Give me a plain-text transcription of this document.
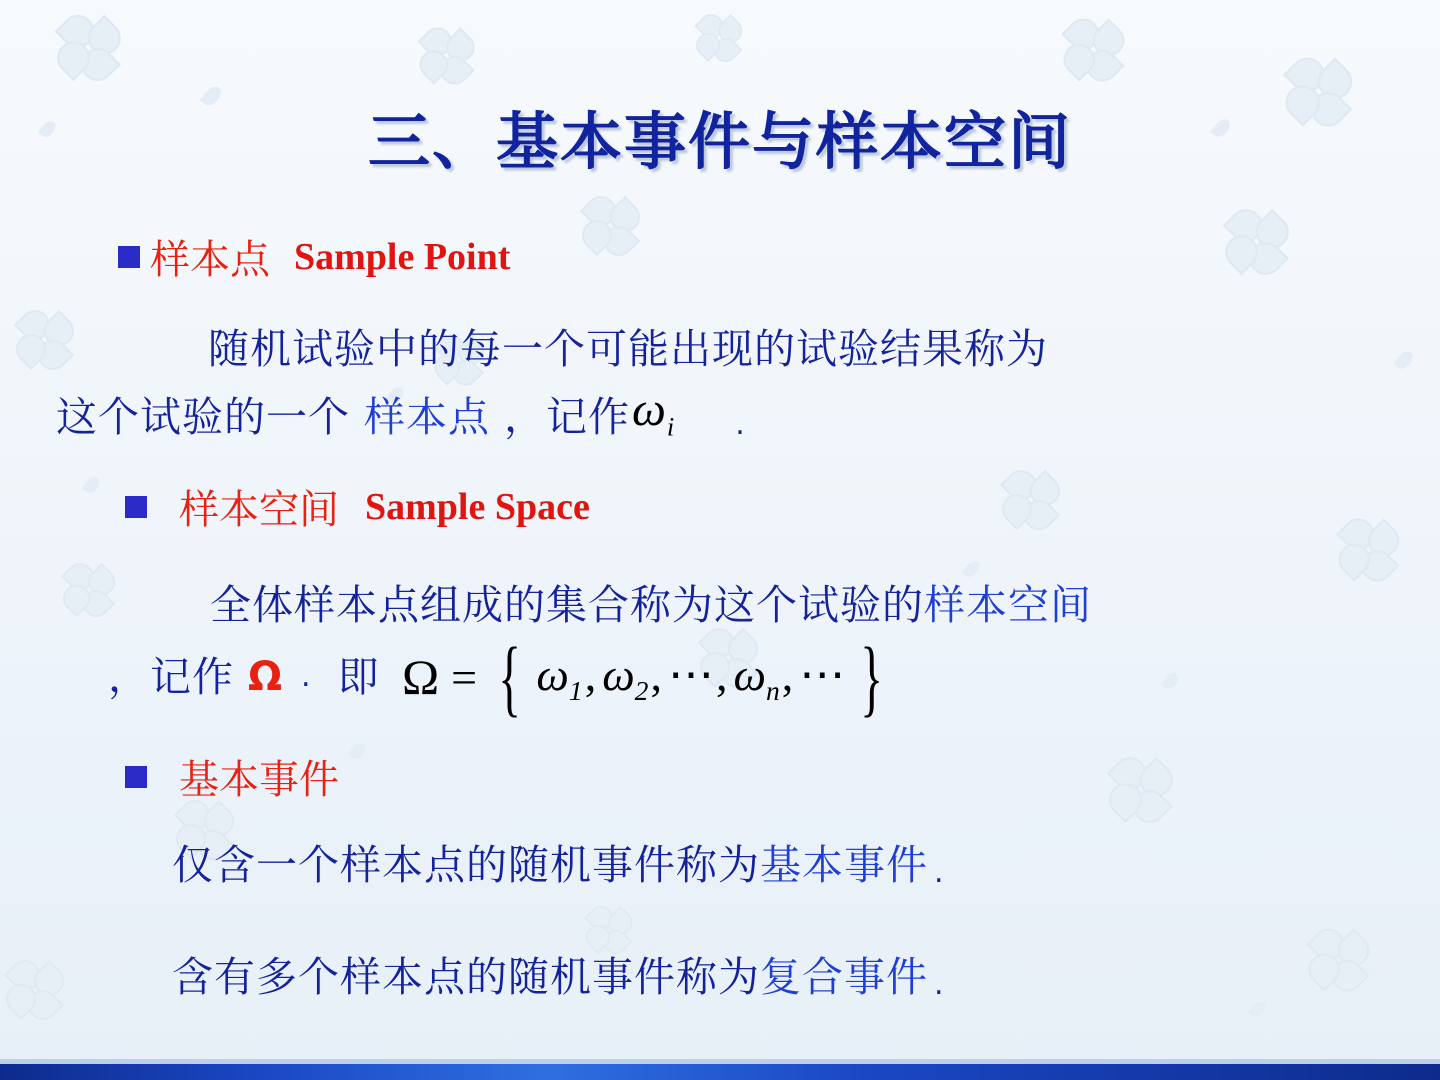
三、基本事件与样本空间
样本点 Sample Point
随机试验中的每一个可能出现的试验结果称为
这个试验的一个 样本点 ，记作 $\omega_i$ .
样本空间 Sample Space
全体样本点组成的集合称为这个试验的 样本空间
，记作 Ω . 即 Ω = { $\omega_1$ , $\omega_2$ , ⋯ , $\omega_n$ , ⋯ }
基本事件
仅含一个样本点的随机事件称为 基本事件 .
含有多个样本点的随机事件称为 复合事件 .
